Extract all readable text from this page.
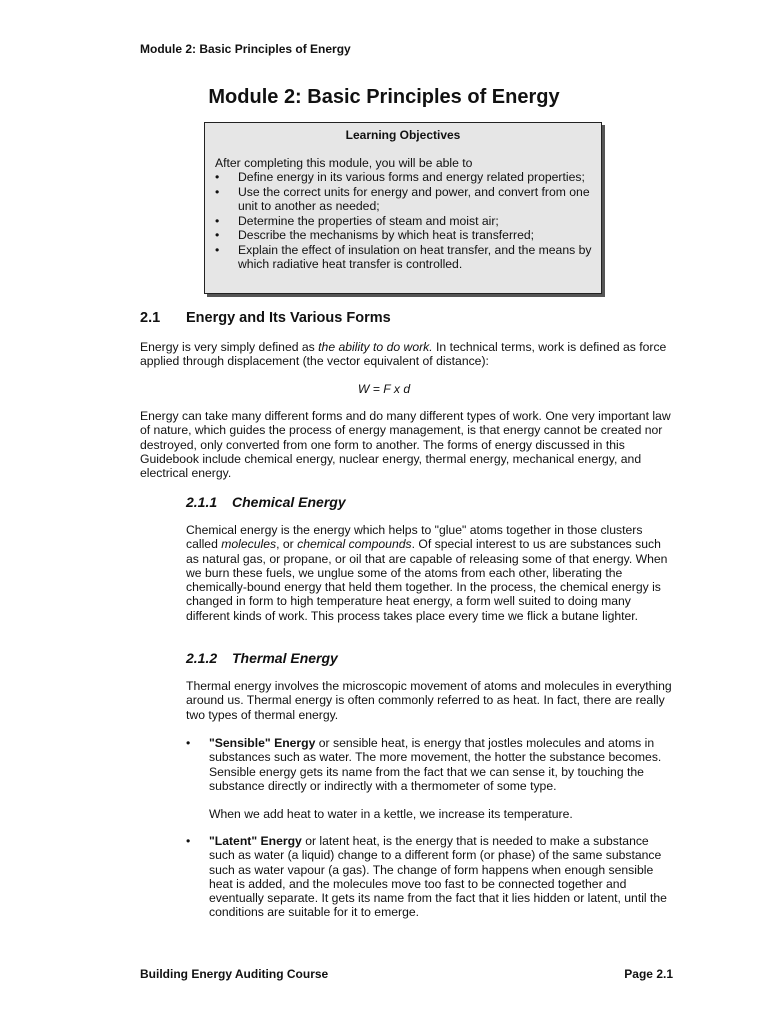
Module 2: Basic Principles of Energy
Module 2: Basic Principles of Energy
Learning Objectives
After completing this module, you will be able to
• Define energy in its various forms and energy related properties;
• Use the correct units for energy and power, and convert from one unit to another as needed;
• Determine the properties of steam and moist air;
• Describe the mechanisms by which heat is transferred;
• Explain the effect of insulation on heat transfer, and the means by which radiative heat transfer is controlled.
2.1 Energy and Its Various Forms
Energy is very simply defined as the ability to do work. In technical terms, work is defined as force applied through displacement (the vector equivalent of distance):
W = F x d
Energy can take many different forms and do many different types of work. One very important law of nature, which guides the process of energy management, is that energy cannot be created nor destroyed, only converted from one form to another. The forms of energy discussed in this Guidebook include chemical energy, nuclear energy, thermal energy, mechanical energy, and electrical energy.
2.1.1 Chemical Energy
Chemical energy is the energy which helps to "glue" atoms together in those clusters called molecules, or chemical compounds. Of special interest to us are substances such as natural gas, or propane, or oil that are capable of releasing some of that energy. When we burn these fuels, we unglue some of the atoms from each other, liberating the chemically-bound energy that held them together. In the process, the chemical energy is changed in form to high temperature heat energy, a form well suited to doing many different kinds of work. This process takes place every time we flick a butane lighter.
2.1.2 Thermal Energy
Thermal energy involves the microscopic movement of atoms and molecules in everything around us. Thermal energy is often commonly referred to as heat. In fact, there are really two types of thermal energy.
• "Sensible" Energy or sensible heat, is energy that jostles molecules and atoms in substances such as water. The more movement, the hotter the substance becomes. Sensible energy gets its name from the fact that we can sense it, by touching the substance directly or indirectly with a thermometer of some type.
When we add heat to water in a kettle, we increase its temperature.
• "Latent" Energy or latent heat, is the energy that is needed to make a substance such as water (a liquid) change to a different form (or phase) of the same substance such as water vapour (a gas). The change of form happens when enough sensible heat is added, and the molecules move too fast to be connected together and eventually separate. It gets its name from the fact that it lies hidden or latent, until the conditions are suitable for it to emerge.
Building Energy Auditing Course	Page 2.1
